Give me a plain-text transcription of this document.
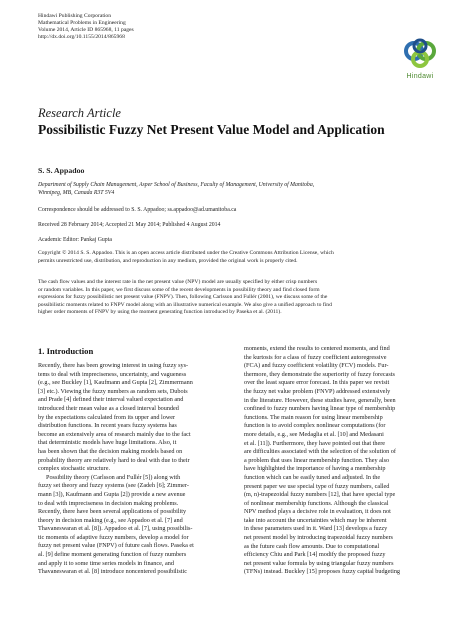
Hindawi Publishing Corporation
Mathematical Problems in Engineering
Volume 2014, Article ID 865968, 11 pages
http://dx.doi.org/10.1155/2014/865968
Hindawi
Research Article
Possibilistic Fuzzy Net Present Value Model and Application
S. S. Appadoo
Department of Supply Chain Management, Asper School of Business, Faculty of Management, University of Manitoba,
Winnipeg, MB, Canada R3T 5V4
Correspondence should be addressed to S. S. Appadoo; ss.appadoo@ad.umanitoba.ca
Received 28 February 2014; Accepted 21 May 2014; Published 4 August 2014
Academic Editor: Pankaj Gupta
Copyright © 2014 S. S. Appadoo. This is an open access article distributed under the Creative Commons Attribution License, which
permits unrestricted use, distribution, and reproduction in any medium, provided the original work is properly cited.
The cash flow values and the interest rate in the net present value (NPV) model are usually specified by either crisp numbers
or random variables. In this paper, we first discuss some of the recent developments in possibility theory and find closed form
expressions for fuzzy possibilistic net present value (FNPV). Then, following Carlsson and Fullér (2001), we discuss some of the
possibilistic moments related to FNPV model along with an illustrative numerical example. We also give a unified approach to find
higher order moments of FNPV by using the moment generating function introduced by Paseka et al. (2011).
1. Introduction
Recently, there has been growing interest in using fuzzy sys-
tems to deal with impreciseness, uncertainty, and vagueness
(e.g., see Buckley [1], Kaufmann and Gupta [2], Zimmermann
[3] etc.). Viewing the fuzzy numbers as random sets, Dubois
and Prade [4] defined their interval valued expectation and
introduced their mean value as a closed interval bounded
by the expectations calculated from its upper and lower
distribution functions. In recent years fuzzy systems has
become an extensively area of research mainly due to the fact
that deterministic models have huge limitations. Also, it
has been shown that the decision making models based on
probability theory are relatively hard to deal with due to their
complex stochastic structure.
Possibility theory (Carlsson and Fullér [5]) along with
fuzzy set theory and fuzzy systems (see (Zadeh [6]; Zimmer-
mann [3]), Kaufmann and Gupta [2]) provide a new avenue
to deal with impreciseness in decision making problems.
Recently, there have been several applications of possibility
theory in decision making (e.g., see Appadoo et al. [7] and
Thavaneswaran et al. [8]). Appadoo et al. [7], using possibilis-
tic moments of adaptive fuzzy numbers, develop a model for
fuzzy net present value (FNPV) of future cash flows. Paseka et
al. [9] define moment generating function of fuzzy numbers
and apply it to some time series models in finance, and
Thavaneswaran et al. [8] introduce noncentered possibilistic
moments, extend the results to centered moments, and find
the kurtosis for a class of fuzzy coefficient autoregressive
(FCA) and fuzzy coefficient volatility (FCV) models. Fur-
thermore, they demonstrate the superiority of fuzzy forecasts
over the least square error forecast. In this paper we revisit
the fuzzy net value problem (FNVP) addressed extensively
in the literature. However, these studies have, generally, been
confined to fuzzy numbers having linear type of membership
functions. The main reason for using linear membership
function is to avoid complex nonlinear computations (for
more details, e.g., see Medaglia et al. [10] and Medasani
et al. [11]). Furthermore, they have pointed out that there
are difficulties associated with the selection of the solution of
a problem that uses linear membership function. They also
have highlighted the importance of having a membership
function which can be easily tuned and adjusted. In the
present paper we use special type of fuzzy numbers, called
(m, n)-trapezoidal fuzzy numbers [12], that have special type
of nonlinear membership functions. Although the classical
NPV method plays a decisive role in evaluation, it does not
take into account the uncertainties which may be inherent
in these parameters used in it. Ward [13] develops a fuzzy
net present model by introducing trapezoidal fuzzy numbers
as the future cash flow amounts. Due to computational
efficiency Chiu and Park [14] modify the proposed fuzzy
net present value formula by using triangular fuzzy numbers
(TFNs) instead. Buckley [15] proposes fuzzy capital budgeting
